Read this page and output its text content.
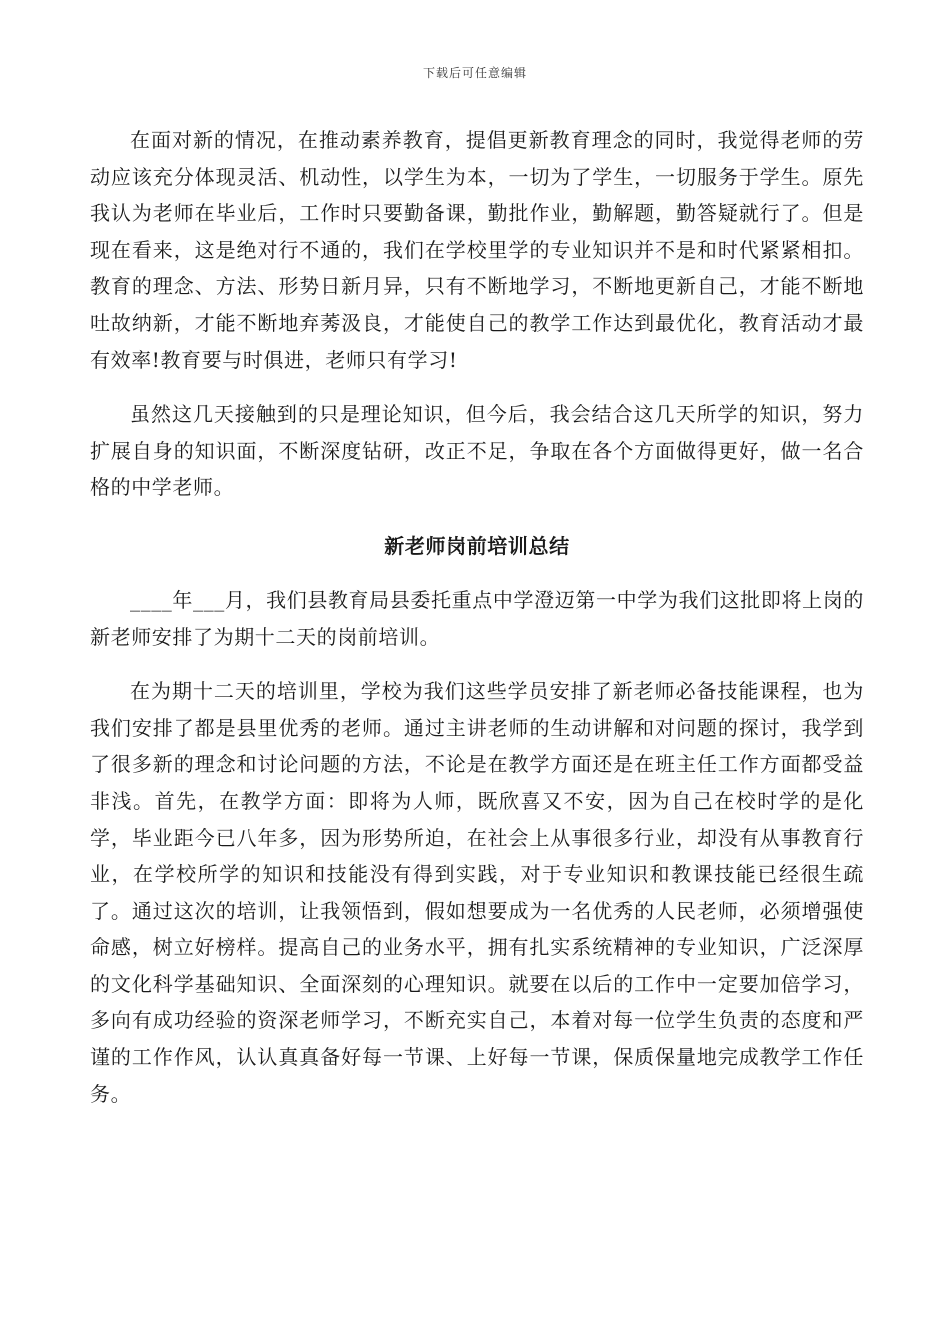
下载后可任意编辑

在面对新的情况，在推动素养教育，提倡更新教育理念的同时，我觉得老师的劳动应该充分体现灵活、机动性，以学生为本，一切为了学生，一切服务于学生。原先我认为老师在毕业后，工作时只要勤备课，勤批作业，勤解题，勤答疑就行了。但是现在看来，这是绝对行不通的，我们在学校里学的专业知识并不是和时代紧紧相扣。教育的理念、方法、形势日新月异，只有不断地学习，不断地更新自己，才能不断地吐故纳新，才能不断地弃莠汲良，才能使自己的教学工作达到最优化，教育活动才最有效率!教育要与时俱进，老师只有学习!

虽然这几天接触到的只是理论知识，但今后，我会结合这几天所学的知识，努力扩展自身的知识面，不断深度钻研，改正不足，争取在各个方面做得更好，做一名合格的中学老师。

新老师岗前培训总结

____年___月，我们县教育局县委托重点中学澄迈第一中学为我们这批即将上岗的新老师安排了为期十二天的岗前培训。

在为期十二天的培训里，学校为我们这些学员安排了新老师必备技能课程，也为我们安排了都是县里优秀的老师。通过主讲老师的生动讲解和对问题的探讨，我学到了很多新的理念和讨论问题的方法，不论是在教学方面还是在班主任工作方面都受益非浅。首先，在教学方面：即将为人师，既欣喜又不安，因为自己在校时学的是化学，毕业距今已八年多，因为形势所迫，在社会上从事很多行业，却没有从事教育行业，在学校所学的知识和技能没有得到实践，对于专业知识和教课技能已经很生疏了。通过这次的培训，让我领悟到，假如想要成为一名优秀的人民老师，必须增强使命感，树立好榜样。提高自己的业务水平，拥有扎实系统精神的专业知识，广泛深厚的文化科学基础知识、全面深刻的心理知识。就要在以后的工作中一定要加倍学习，多向有成功经验的资深老师学习，不断充实自己，本着对每一位学生负责的态度和严谨的工作作风，认认真真备好每一节课、上好每一节课，保质保量地完成教学工作任务。
